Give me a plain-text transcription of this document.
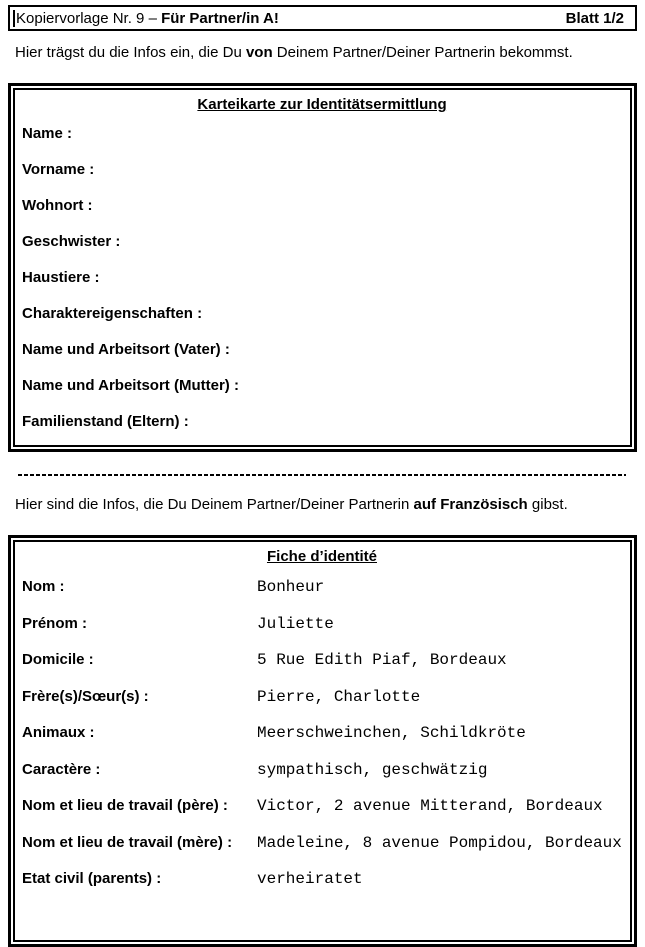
Kopiervorlage Nr. 9 – Für Partner/in A!	Blatt 1/2

Hier trägst du die Infos ein, die Du von Deinem Partner/Deiner Partnerin bekommst.

Karteikarte zur Identitätsermittlung
Name :
Vorname :
Wohnort :
Geschwister :
Haustiere :
Charaktereigenschaften :
Name und Arbeitsort (Vater) :
Name und Arbeitsort (Mutter) :
Familienstand (Eltern) :

Hier sind die Infos, die Du Deinem Partner/Deiner Partnerin auf Französisch gibst.

Fiche d’identité
Nom :	Bonheur
Prénom :	Juliette
Domicile :	5 Rue Edith Piaf, Bordeaux
Frère(s)/Sœur(s) :	Pierre, Charlotte
Animaux :	Meerschweinchen, Schildkröte
Caractère :	sympathisch, geschwätzig
Nom et lieu de travail (père) :	Victor, 2 avenue Mitterand, Bordeaux
Nom et lieu de travail (mère) :	Madeleine, 8 avenue Pompidou, Bordeaux
Etat civil (parents) :	verheiratet
